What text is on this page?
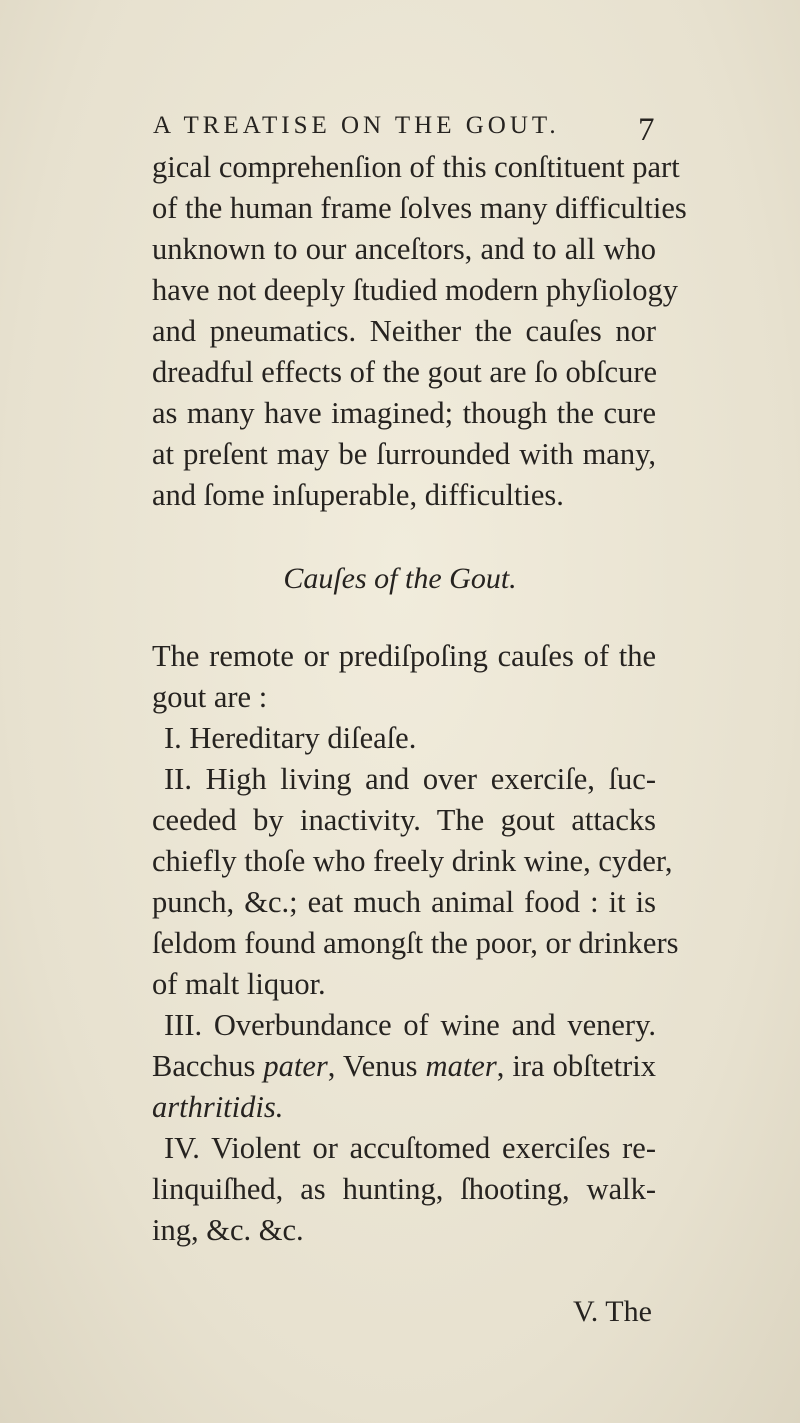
A TREATISE ON THE GOUT. 7
gical comprehenſion of this conſtituent part
of the human frame ſolves many difficulties
unknown to our anceſtors, and to all who
have not deeply ſtudied modern phyſiology
and pneumatics. Neither the cauſes nor
dreadful effects of the gout are ſo obſcure
as many have imagined; though the cure
at preſent may be ſurrounded with many,
and ſome inſuperable, difficulties.
Cauſes of the Gout.
The remote or prediſpoſing cauſes of the
gout are :
I. Hereditary diſeaſe.
II. High living and over exerciſe, ſuc-
ceeded by inactivity. The gout attacks
chiefly thoſe who freely drink wine, cyder,
punch, &c.; eat much animal food : it is
ſeldom found amongſt the poor, or drinkers
of malt liquor.
III. Overbundance of wine and venery.
Bacchus pater, Venus mater, ira obſtetrix
arthritidis.
IV. Violent or accuſtomed exerciſes re-
linquiſhed, as hunting, ſhooting, walk-
ing, &c. &c.
V. The
